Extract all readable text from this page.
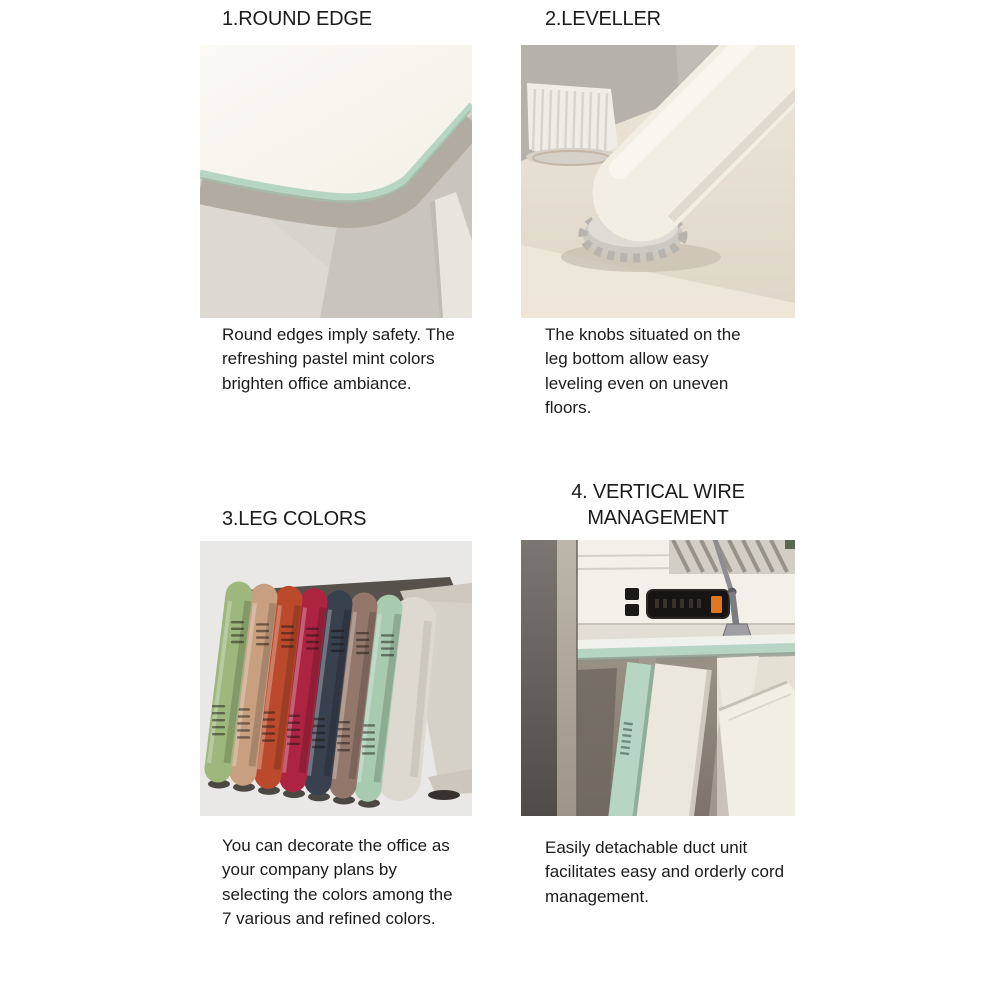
1.ROUND EDGE

Round edges imply safety. The refreshing pastel mint colors brighten office ambiance.

2.LEVELLER

The knobs situated on the leg bottom allow easy leveling even on uneven floors.

3.LEG COLORS

You can decorate the office as your company plans by selecting the colors among the 7 various and refined colors.

4. VERTICAL WIRE MANAGEMENT

Easily detachable duct unit facilitates easy and orderly cord management.
